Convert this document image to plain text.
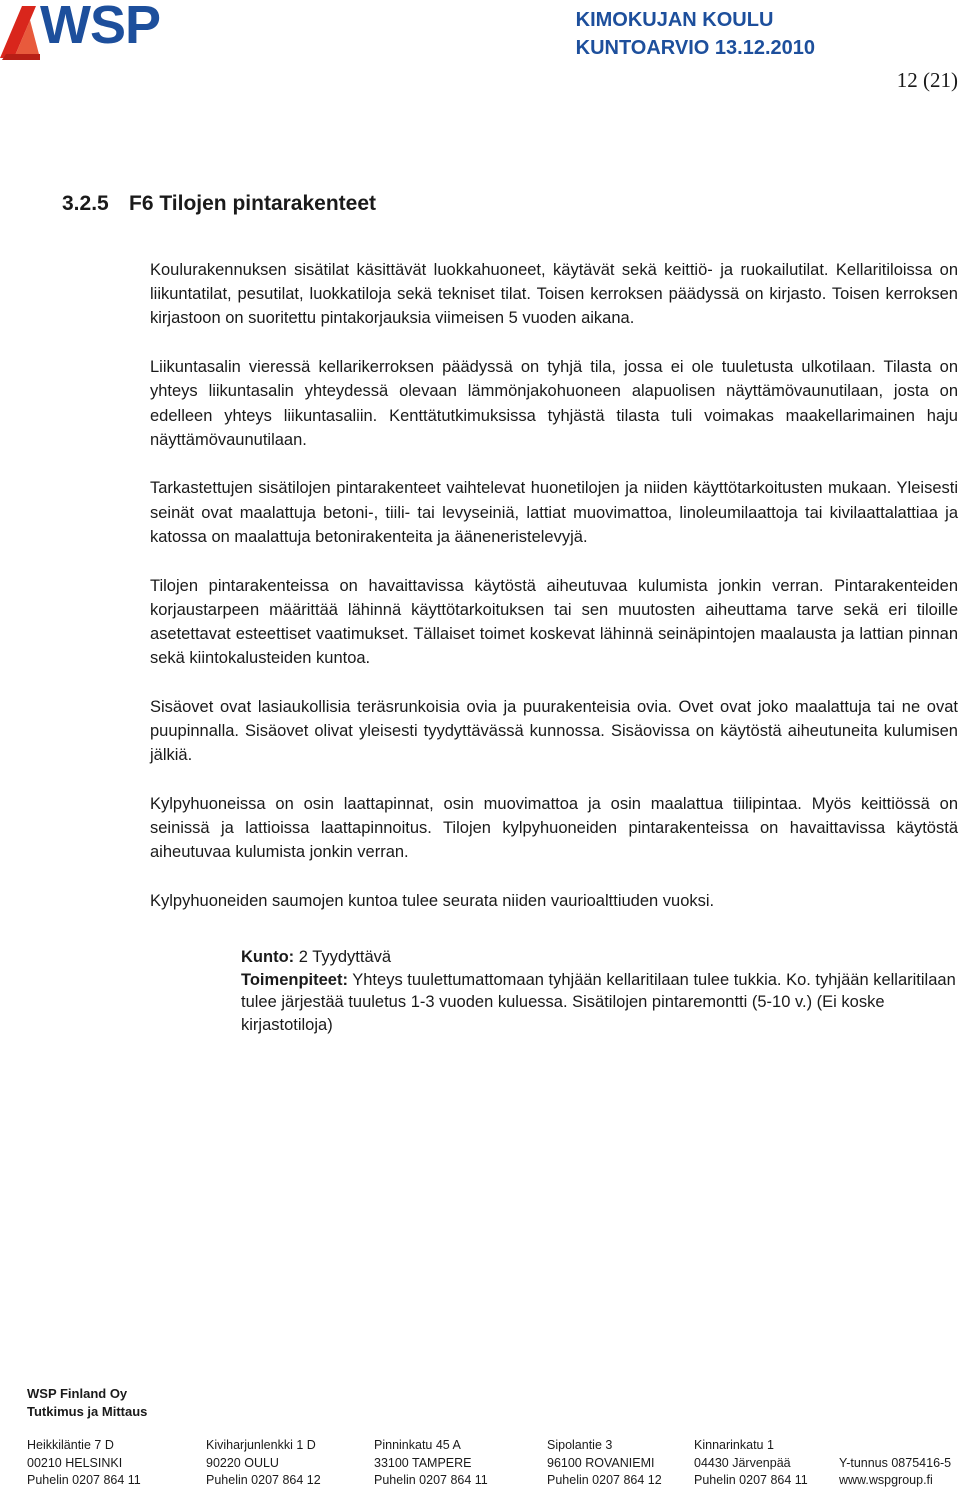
WSP	KIMOKUJAN KOULU
KUNTOARVIO 13.12.2010
12 (21)
3.2.5 F6 Tilojen pintarakenteet

Koulurakennuksen sisätilat käsittävät luokkahuoneet, käytävät sekä keittiö- ja ruokailutilat. Kellaritiloissa on liikuntatilat, pesutilat, luokkatiloja sekä tekniset tilat. Toisen kerroksen päädyssä on kirjasto. Toisen kerroksen kirjastoon on suoritettu pintakorjauksia viimeisen 5 vuoden aikana.

Liikuntasalin vieressä kellarikerroksen päädyssä on tyhjä tila, jossa ei ole tuuletusta ulkotilaan. Tilasta on yhteys liikuntasalin yhteydessä olevaan lämmönjakohuoneen alapuolisen näyttämövaunutilaan, josta on edelleen yhteys liikuntasaliin. Kenttätutkimuksissa tyhjästä tilasta tuli voimakas maakellarimainen haju näyttämövaunutilaan.

Tarkastettujen sisätilojen pintarakenteet vaihtelevat huonetilojen ja niiden käyttötarkoitusten mukaan. Yleisesti seinät ovat maalattuja betoni-, tiili- tai levyseiniä, lattiat muovimattoa, linoleumilaattoja tai kivilaattalattiaa ja katossa on maalattuja betonirakenteita ja ääneneristelevyjä.

Tilojen pintarakenteissa on havaittavissa käytöstä aiheutuvaa kulumista jonkin verran. Pintarakenteiden korjaustarpeen määrittää lähinnä käyttötarkoituksen tai sen muutosten aiheuttama tarve sekä eri tiloille asetettavat esteettiset vaatimukset. Tällaiset toimet koskevat lähinnä seinäpintojen maalausta ja lattian pinnan sekä kiintokalusteiden kuntoa.

Sisäovet ovat lasiaukollisia teräsrunkoisia ovia ja puurakenteisia ovia. Ovet ovat joko maalattuja tai ne ovat puupinnalla. Sisäovet olivat yleisesti tyydyttävässä kunnossa. Sisäovissa on käytöstä aiheutuneita kulumisen jälkiä.

Kylpyhuoneissa on osin laattapinnat, osin muovimattoa ja osin maalattua tiilipintaa. Myös keittiössä on seinissä ja lattioissa laattapinnoitus. Tilojen kylpyhuoneiden pintarakenteissa on havaittavissa käytöstä aiheutuvaa kulumista jonkin verran.

Kylpyhuoneiden saumojen kuntoa tulee seurata niiden vaurioalttiuden vuoksi.

Kunto: 2 Tyydyttävä
Toimenpiteet: Yhteys tuulettumattomaan tyhjään kellaritilaan tulee tukkia. Ko. tyhjään kellaritilaan tulee järjestää tuuletus 1-3 vuoden kuluessa. Sisätilojen pintaremontti (5-10 v.) (Ei koske kirjastotiloja)
WSP Finland Oy
Tutkimus ja Mittaus
Heikkiläntie 7 D
00210 HELSINKI
Puhelin 0207 864 11
Kiviharjunlenkki 1 D
90220 OULU
Puhelin 0207 864 12
Pinninkatu 45 A
33100 TAMPERE
Puhelin 0207 864 11
Sipolantie 3
96100 ROVANIEMI
Puhelin 0207 864 12
Kinnarinkatu 1
04430 Järvenpää
Puhelin 0207 864 11
Y-tunnus 0875416-5
www.wspgroup.fi
